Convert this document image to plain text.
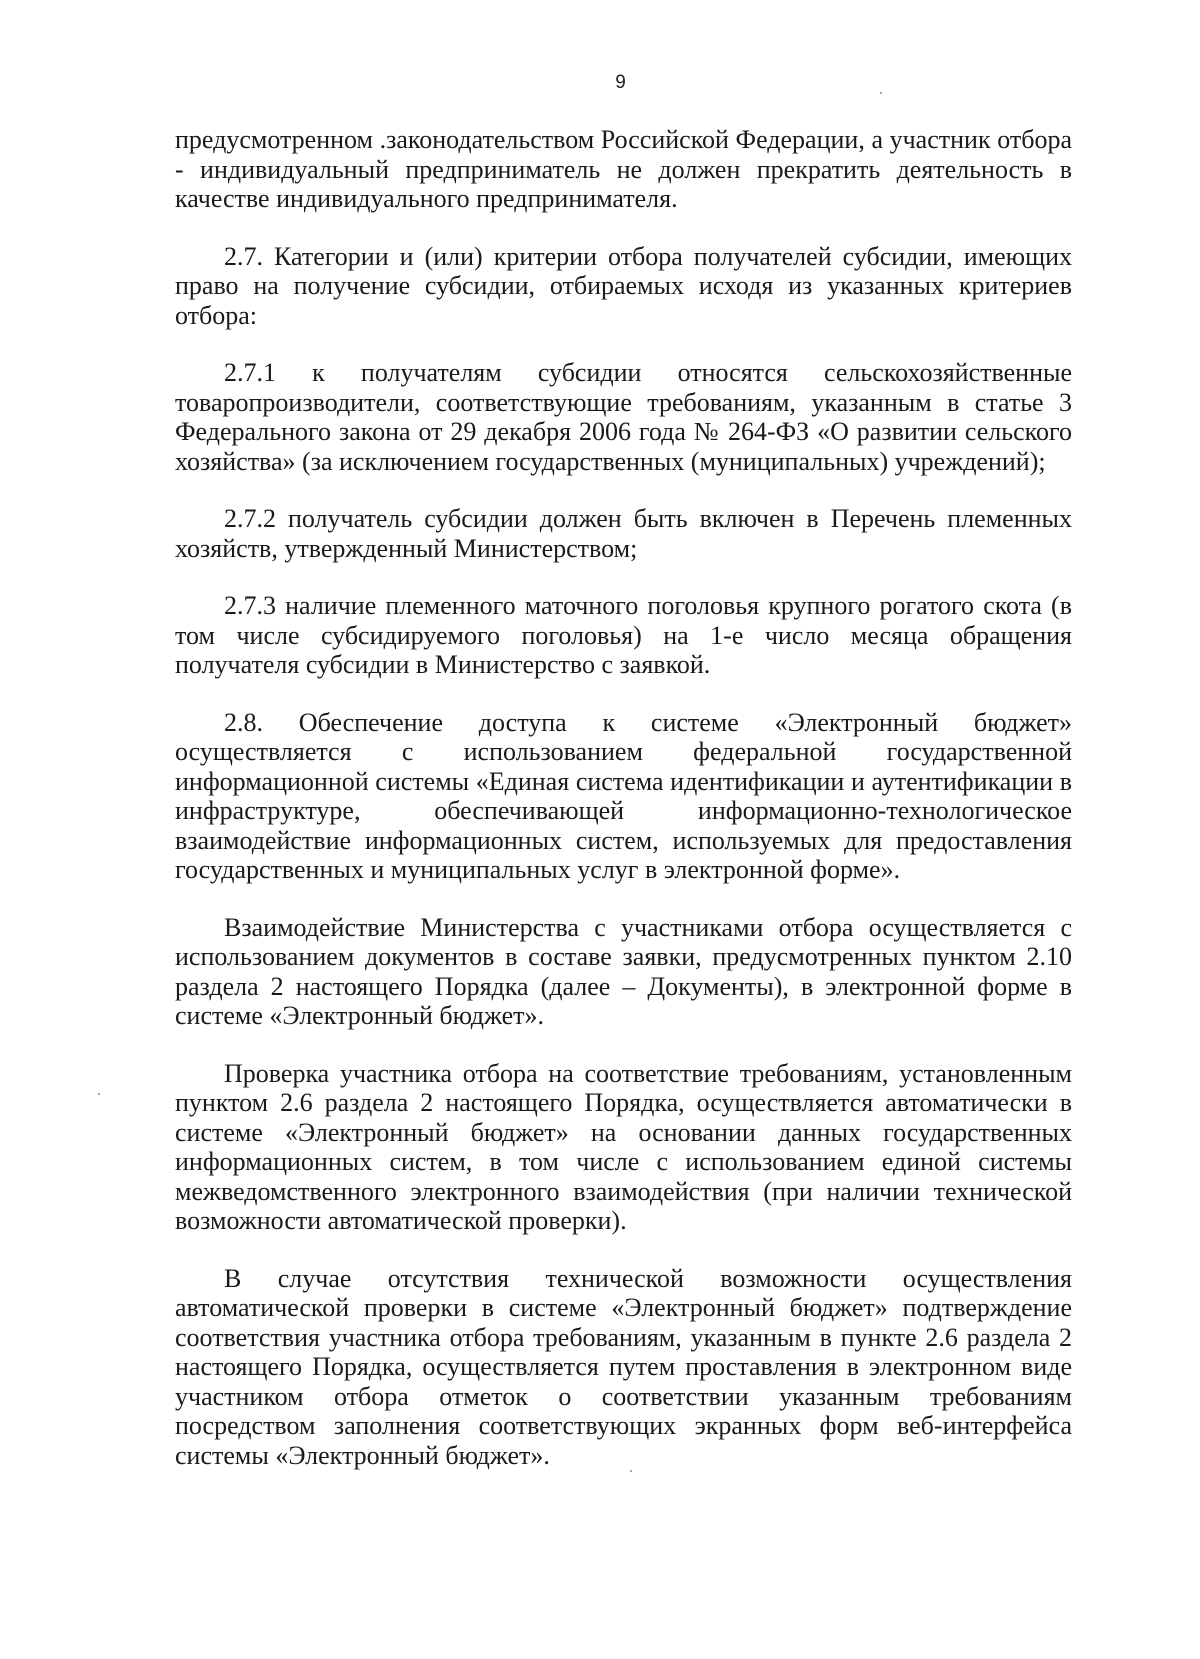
9

предусмотренном .законодательством Российской Федерации, а участник отбора - индивидуальный предприниматель не должен прекратить деятельность в качестве индивидуального предпринимателя.

2.7. Категории и (или) критерии отбора получателей субсидии, имеющих право на получение субсидии, отбираемых исходя из указанных критериев отбора:

2.7.1 к получателям субсидии относятся сельскохозяйственные товаропроизводители, соответствующие требованиям, указанным в статье 3 Федерального закона от 29 декабря 2006 года № 264-ФЗ «О развитии сельского хозяйства» (за исключением государственных (муниципальных) учреждений);

2.7.2 получатель субсидии должен быть включен в Перечень племенных хозяйств, утвержденный Министерством;

2.7.3 наличие племенного маточного поголовья крупного рогатого скота (в том числе субсидируемого поголовья) на 1-е число месяца обращения получателя субсидии в Министерство с заявкой.

2.8. Обеспечение доступа к системе «Электронный бюджет» осуществляется с использованием федеральной государственной информационной системы «Единая система идентификации и аутентификации в инфраструктуре, обеспечивающей информационно-технологическое взаимодействие информационных систем, используемых для предоставления государственных и муниципальных услуг в электронной форме».

Взаимодействие Министерства с участниками отбора осуществляется с использованием документов в составе заявки, предусмотренных пунктом 2.10 раздела 2 настоящего Порядка (далее – Документы), в электронной форме в системе «Электронный бюджет».

Проверка участника отбора на соответствие требованиям, установленным пунктом 2.6 раздела 2 настоящего Порядка, осуществляется автоматически в системе «Электронный бюджет» на основании данных государственных информационных систем, в том числе с использованием единой системы межведомственного электронного взаимодействия (при наличии технической возможности автоматической проверки).

В случае отсутствия технической возможности осуществления автоматической проверки в системе «Электронный бюджет» подтверждение соответствия участника отбора требованиям, указанным в пункте 2.6 раздела 2 настоящего Порядка, осуществляется путем проставления в электронном виде участником отбора отметок о соответствии указанным требованиям посредством заполнения соответствующих экранных форм веб-интерфейса системы «Электронный бюджет».
